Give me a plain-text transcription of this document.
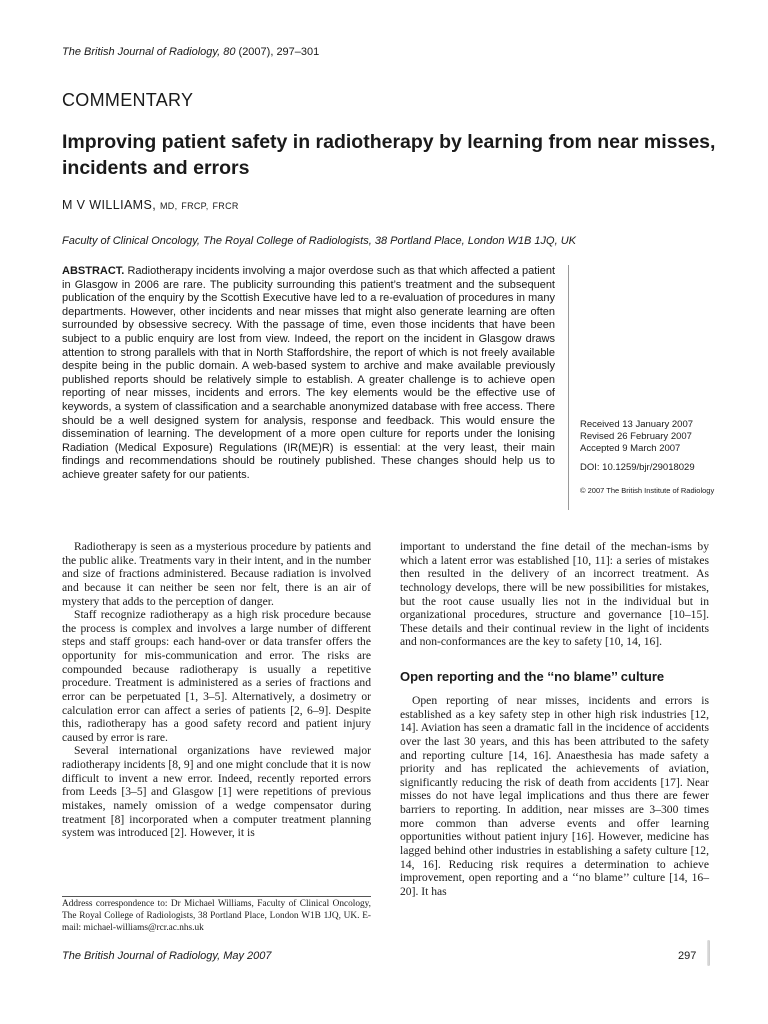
The British Journal of Radiology, 80 (2007), 297–301
COMMENTARY
Improving patient safety in radiotherapy by learning from near misses, incidents and errors
M V WILLIAMS, MD, FRCP, FRCR
Faculty of Clinical Oncology, The Royal College of Radiologists, 38 Portland Place, London W1B 1JQ, UK
ABSTRACT. Radiotherapy incidents involving a major overdose such as that which affected a patient in Glasgow in 2006 are rare. The publicity surrounding this patient’s treatment and the subsequent publication of the enquiry by the Scottish Executive have led to a re-evaluation of procedures in many departments. However, other incidents and near misses that might also generate learning are often surrounded by obsessive secrecy. With the passage of time, even those incidents that have been subject to a public enquiry are lost from view. Indeed, the report on the incident in Glasgow draws attention to strong parallels with that in North Staffordshire, the report of which is not freely available despite being in the public domain. A web-based system to archive and make available previously published reports should be relatively simple to establish. A greater challenge is to achieve open reporting of near misses, incidents and errors. The key elements would be the effective use of keywords, a system of classification and a searchable anonymized database with free access. There should be a well designed system for analysis, response and feedback. This would ensure the dissemination of learning. The development of a more open culture for reports under the Ionising Radiation (Medical Exposure) Regulations (IR(ME)R) is essential: at the very least, their main findings and recommendations should be routinely published. These changes should help us to achieve greater safety for our patients.
Received 13 January 2007
Revised 26 February 2007
Accepted 9 March 2007
DOI: 10.1259/bjr/29018029
© 2007 The British Institute of Radiology

Radiotherapy is seen as a mysterious procedure by patients and the public alike. Treatments vary in their intent, and in the number and size of fractions administered. Because radiation is involved and because it can neither be seen nor felt, there is an air of mystery that adds to the perception of danger.

Staff recognize radiotherapy as a high risk procedure because the process is complex and involves a large number of different steps and staff groups: each hand-over or data transfer offers the opportunity for mis-communication and error. The risks are compounded because radiotherapy is usually a repetitive procedure. Treatment is administered as a series of fractions and error can be perpetuated [1, 3–5]. Alternatively, a dosimetry or calculation error can affect a series of patients [2, 6–9]. Despite this, radiotherapy has a good safety record and patient injury caused by error is rare.

Several international organizations have reviewed major radiotherapy incidents [8, 9] and one might conclude that it is now difficult to invent a new error. Indeed, recently reported errors from Leeds [3–5] and Glasgow [1] were repetitions of previous mistakes, namely omission of a wedge compensator during treatment [8] incorporated when a computer treatment planning system was introduced [2]. However, it is

Address correspondence to: Dr Michael Williams, Faculty of Clinical Oncology, The Royal College of Radiologists, 38 Portland Place, London W1B 1JQ, UK. E-mail: michael-williams@rcr.ac.nhs.uk

important to understand the fine detail of the mechan-isms by which a latent error was established [10, 11]: a series of mistakes then resulted in the delivery of an incorrect treatment. As technology develops, there will be new possibilities for mistakes, but the root cause usually lies not in the individual but in organizational procedures, structure and governance [10–15]. These details and their continual review in the light of incidents and non-conformances are the key to safety [10, 14, 16].

Open reporting and the ‘‘no blame’’ culture

Open reporting of near misses, incidents and errors is established as a key safety step in other high risk industries [12, 14]. Aviation has seen a dramatic fall in the incidence of accidents over the last 30 years, and this has been attributed to the safety and reporting culture [14, 16]. Anaesthesia has made safety a priority and has replicated the achievements of aviation, significantly reducing the risk of death from accidents [17]. Near misses do not have legal implications and thus there are fewer barriers to reporting. In addition, near misses are 3–300 times more common than adverse events and offer learning opportunities without patient injury [16]. However, medicine has lagged behind other industries in establishing a safety culture [12, 14, 16]. Reducing risk requires a determination to achieve improvement, open reporting and a ‘‘no blame’’ culture [14, 16–20]. It has

The British Journal of Radiology, May 2007	297
